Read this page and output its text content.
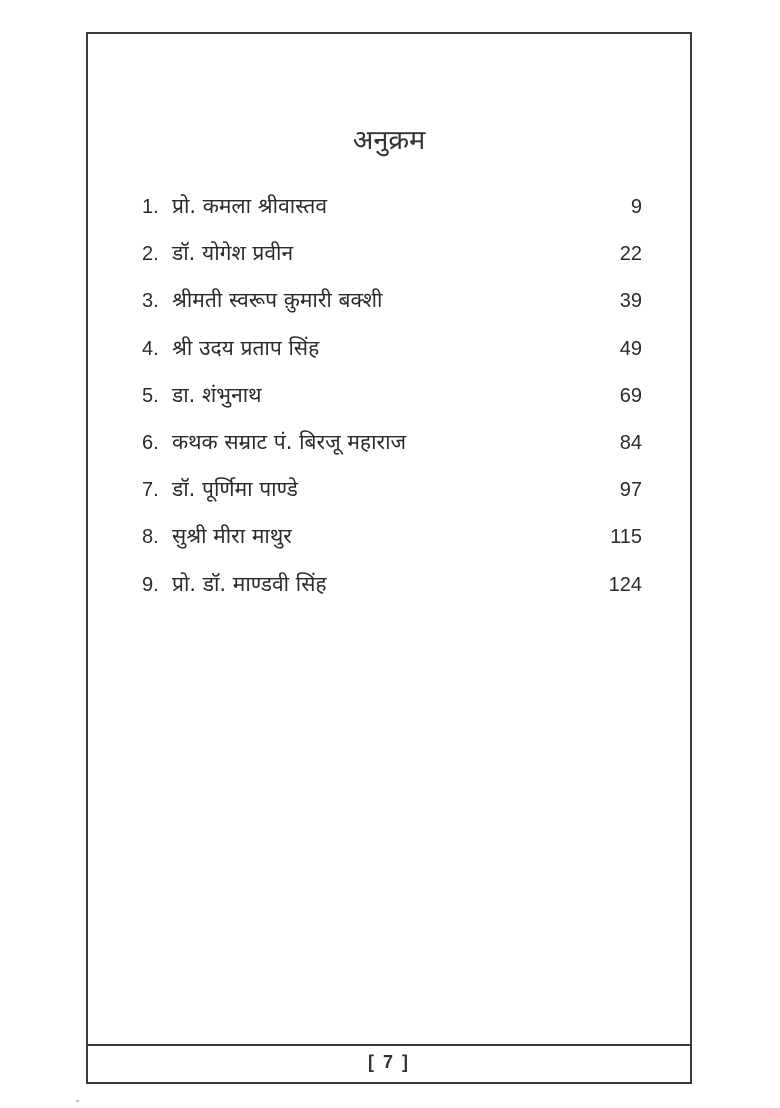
अनुक्रम
1. प्रो. कमला श्रीवास्तव	9
2. डॉ. योगेश प्रवीन	22
3. श्रीमती स्वरूप क़ुमारी बक्शी	39
4. श्री उदय प्रताप सिंह	49
5. डा. शंभुनाथ	69
6. कथक सम्राट पं. बिरजू महाराज	84
7. डॉ. पूर्णिमा पाण्डे	97
8. सुश्री मीरा माथुर	115
9. प्रो. डॉ. माण्डवी सिंह	124
[ 7 ]
